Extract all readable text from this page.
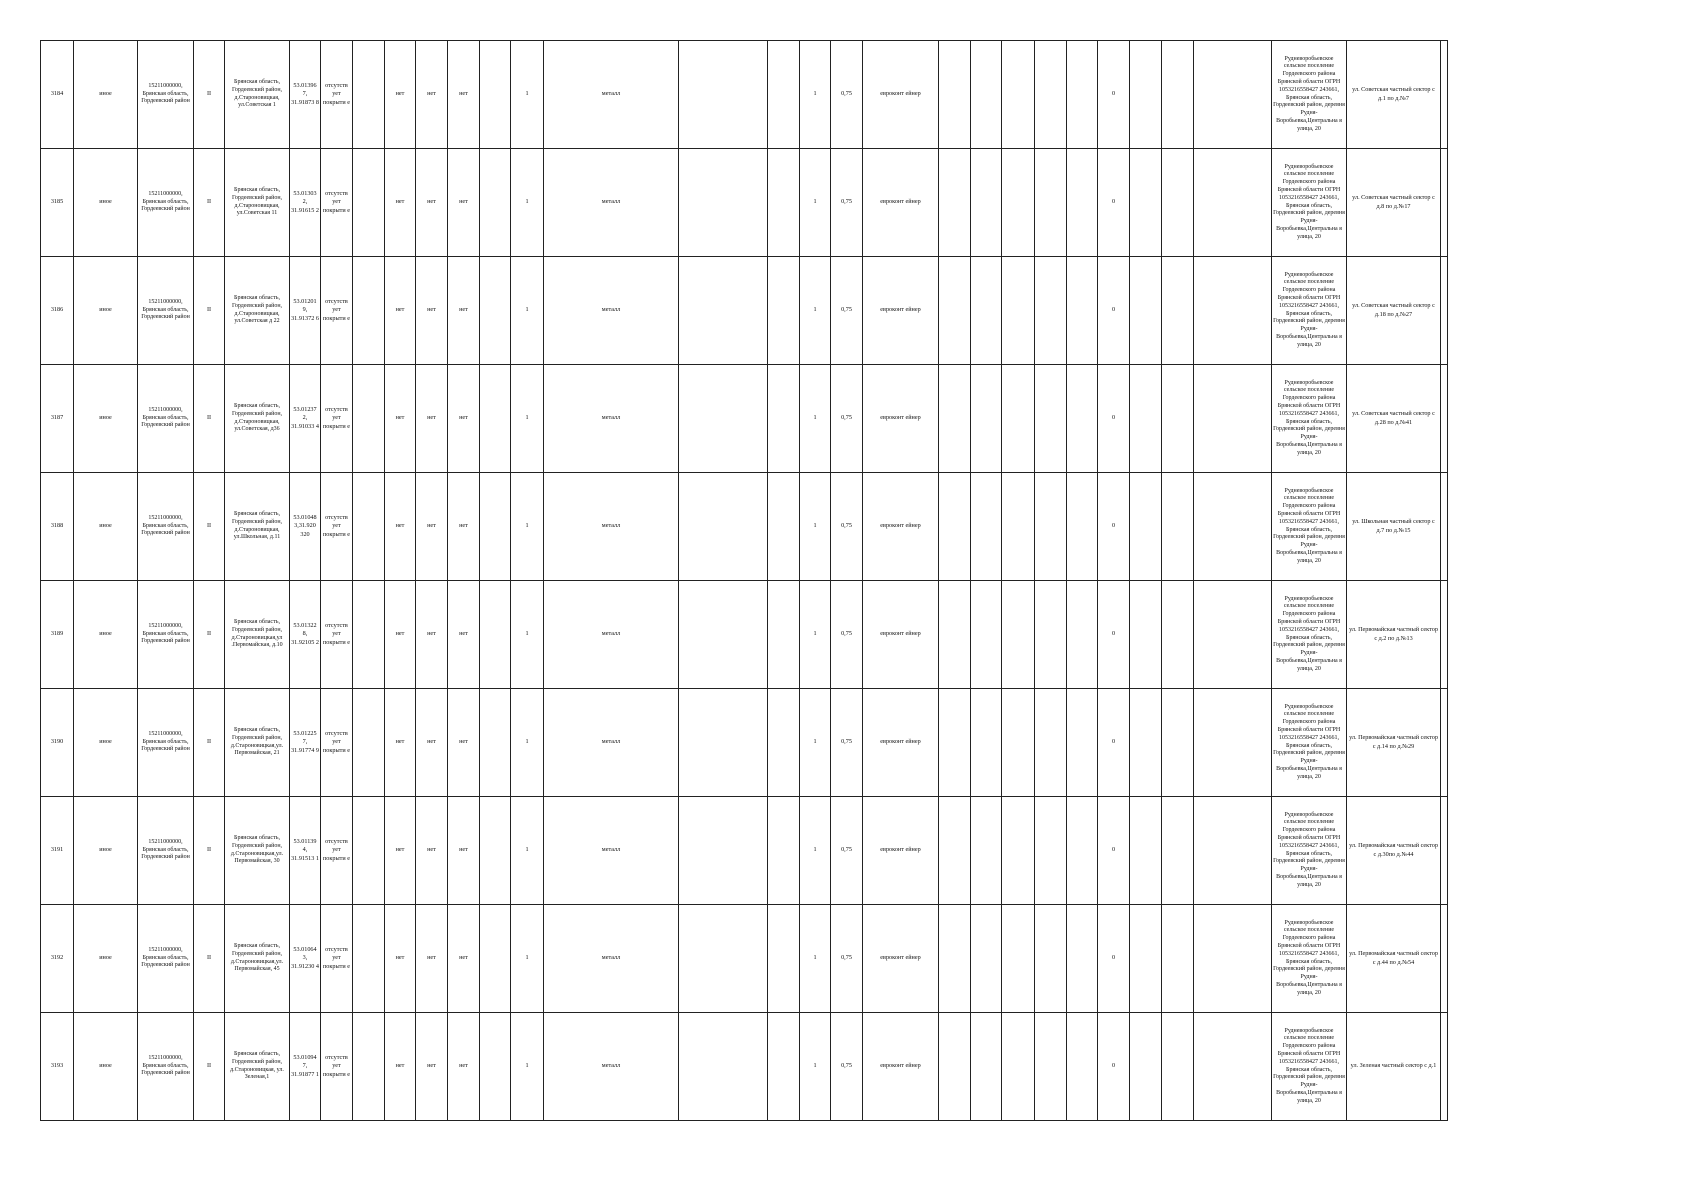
3184	иное	15211000000, Брянская область, Гордеевский район	II	Брянская область, Гордеевский район, д.Староновицкая, ул.Советская 1	53.01396 7, 31.91873 8	отсутств ует покрыти е		нет	нет	нет		1	металл			1	0,75	евроконт ейнер						0				Рудневоробьевское сельское поселение Гордеевского района Брянской области ОГРН 1053216558427 243661, Брянская область, Гордеевский район, деревня Рудня-Воробьевка,Центральна я улица, 20	ул. Советская частный сектор с д.1 по д.№7	
3185	иное	15211000000, Брянская область, Гордеевский район	II	Брянская область, Гордеевский район, д.Староновицкая, ул.Советская 11	53.01303 2, 31.91615 2	отсутств ует покрыти е		нет	нет	нет		1	металл			1	0,75	евроконт ейнер						0				Рудневоробьевское сельское поселение Гордеевского района Брянской области ОГРН 1053216558427 243661, Брянская область, Гордеевский район, деревня Рудня-Воробьевка,Центральна я улица, 20	ул. Советская частный сектор с д.8 по д.№17	
3186	иное	15211000000, Брянская область, Гордеевский район	II	Брянская область, Гордеевский район, д.Староновицкая, ул.Советская д 22	53.01201 9, 31.91372 6	отсутств ует покрыти е		нет	нет	нет		1	металл			1	0,75	евроконт ейнер						0				Рудневоробьевское сельское поселение Гордеевского района Брянской области ОГРН 1053216558427 243661, Брянская область, Гордеевский район, деревня Рудня-Воробьевка,Центральна я улица, 20	ул. Советская частный сектор с д.18 по д.№27	
3187	иное	15211000000, Брянская область, Гордеевский район	II	Брянская область, Гордеевский район, д.Староновицкая, ул.Советская, д36	53.01237 2, 31.91033 4	отсутств ует покрыти е		нет	нет	нет		1	металл			1	0,75	евроконт ейнер						0				Рудневоробьевское сельское поселение Гордеевского района Брянской области ОГРН 1053216558427 243661, Брянская область, Гордеевский район, деревня Рудня-Воробьевка,Центральна я улица, 20	ул. Советская частный сектор с д.28 по д.№41	
3188	иное	15211000000, Брянская область, Гордеевский район	II	Брянская область, Гордеевский район, д.Староновицкая, ул.Школьная, д.11	53.01048 3,31.920 320	отсутств ует покрыти е		нет	нет	нет		1	металл			1	0,75	евроконт ейнер						0				Рудневоробьевское сельское поселение Гордеевского района Брянской области ОГРН 1053216558427 243661, Брянская область, Гордеевский район, деревня Рудня-Воробьевка,Центральна я улица, 20	ул. Школьная частный сектор с д.7 по д.№15	
3189	иное	15211000000, Брянская область, Гордеевский район	II	Брянская область, Гордеевский район, д.Староновицкая,ул .Первомайская, д.10	53.01322 8, 31.92105 2	отсутств ует покрыти е		нет	нет	нет		1	металл			1	0,75	евроконт ейнер						0				Рудневоробьевское сельское поселение Гордеевского района Брянской области ОГРН 1053216558427 243661, Брянская область, Гордеевский район, деревня Рудня-Воробьевка,Центральна я улица, 20	ул. Первомайская частный сектор с д.2 по д.№13	
3190	иное	15211000000, Брянская область, Гордеевский район	II	Брянская область, Гордеевский район, д.Староновицкая,ул. Первомайская, 21	53.01225 7, 31.91774 9	отсутств ует покрыти е		нет	нет	нет		1	металл			1	0,75	евроконт ейнер						0				Рудневоробьевское сельское поселение Гордеевского района Брянской области ОГРН 1053216558427 243661, Брянская область, Гордеевский район, деревня Рудня-Воробьевка,Центральна я улица, 20	ул. Первомайская частный сектор с д.14 по д.№29	
3191	иное	15211000000, Брянская область, Гордеевский район	II	Брянская область, Гордеевский район, д.Староновицкая,ул. Первомайская, 30	53.01139 4, 31.91513 1	отсутств ует покрыти е		нет	нет	нет		1	металл			1	0,75	евроконт ейнер						0				Рудневоробьевское сельское поселение Гордеевского района Брянской области ОГРН 1053216558427 243661, Брянская область, Гордеевский район, деревня Рудня-Воробьевка,Центральна я улица, 20	ул. Первомайская частный сектор с д.30по д.№44	
3192	иное	15211000000, Брянская область, Гордеевский район	II	Брянская область, Гордеевский район, д.Староновицкая,ул. Первомайская, 45	53.01064 3, 31.91230 4	отсутств ует покрыти е		нет	нет	нет		1	металл			1	0,75	евроконт ейнер						0				Рудневоробьевское сельское поселение Гордеевского района Брянской области ОГРН 1053216558427 243661, Брянская область, Гордеевский район, деревня Рудня-Воробьевка,Центральна я улица, 20	ул. Первомайская частный сектор с д.44 по д.№54	
3193	иное	15211000000, Брянская область, Гордеевский район	II	Брянская область, Гордеевский район, д.Староновицкая, ул. Зеленая,1	53.01094 7, 31.91877 1	отсутств ует покрыти е		нет	нет	нет		1	металл			1	0,75	евроконт ейнер						0				Рудневоробьевское сельское поселение Гордеевского района Брянской области ОГРН 1053216558427 243661, Брянская область, Гордеевский район, деревня Рудня-Воробьевка,Центральна я улица, 20	ул. Зеленая частный сектор с д.1	
